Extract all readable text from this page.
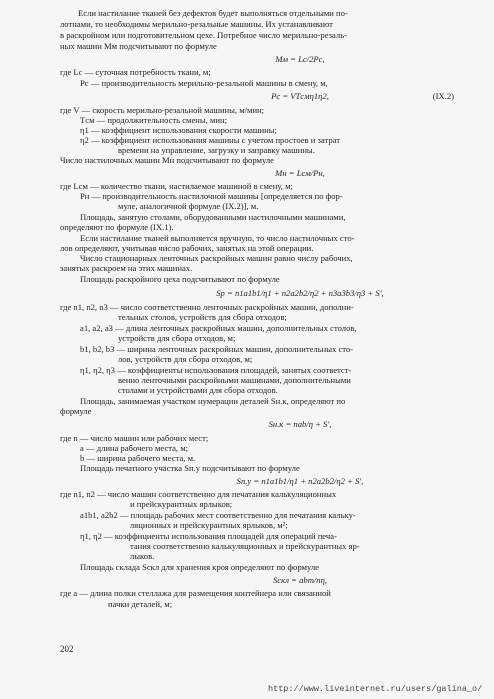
Если настилание тканей без дефектов будет выполняться отдельными по-
лотнами, то необходимы мерильно-резальные машины. Их устанавливают
в раскройном или подготовительном цехе. Потребное число мерильно-резаль-
ных машин Mм подсчитывают по формуле
Mм = Lс/2Pс,
где Lс — суточная потребность ткани, м;
Pс — производительность мерильно-резальной машины в смену, м,
Pс = VTсмη1η2,	(IX.2)
где V — скорость мерильно-резальной машины, м/мин;
Tсм — продолжительность смены, мин;
η1 — коэффициент использования скорости машины;
η2 — коэффициент использования машины с учетом простоев и затрат
времени на управление, загрузку и заправку машины.
Число настилочных машин Mн подсчитывают по формуле
Mн = Lсм/Pн,
где Lсм — количество ткани, настилаемое машиной в смену, м;
Pн — производительность настилочной машины [определяется по фор-
муле, аналогичной формуле (IX.2)], м.
Площадь, занятую столами, оборудованными настилочными машинами,
определяют по формуле (IX.1).
Если настилание тканей выполняется вручную, то число настилочных сто-
лов определяют, учитывая число рабочих, занятых на этой операции.
Число стационарных ленточных раскройных машин равно числу рабочих,
занятых раскроем на этих машинах.
Площадь раскройного цеха подсчитывают по формуле
Sр = n1a1b1/η1 + n2a2b2/η2 + n3a3b3/η3 + S′,
где n1, n2, n3 — число соответственно ленточных раскройных машин, дополни-
тельных столов, устройств для сбора отходов;
a1, a2, a3 — длина ленточных раскройных машин, дополнительных столов,
устройств для сбора отходов, м;
b1, b2, b3 — ширина ленточных раскройных машин, дополнительных сто-
лов, устройств для сбора отходов, м;
η1, η2, η3 — коэффициенты использования площадей, занятых соответст-
венно ленточными раскройными машинами, дополнительными
столами и устройствами для сбора отходов.
Площадь, занимаемая участком нумерации деталей Sн.к, определяют по
формуле
Sн.к = nab/η + S′,
где n — число машин или рабочих мест;
a — длина рабочего места, м;
b — ширина рабочего места, м.
Площадь печатного участка Sп.у подсчитывают по формуле
Sп.у = n1a1b1/η1 + n2a2b2/η2 + S′,
где n1, n2 — число машин соответственно для печатания калькуляционных
и прейскурантных ярлыков;
a1b1, a2b2 — площадь рабочих мест соответственно для печатания кальку-
ляционных и прейскурантных ярлыков, м²;
η1, η2 — коэффициенты использования площадей для операций печа-
тания соответственно калькуляционных и прейскурантных яр-
лыков.
Площадь склада Sскл для хранения кроя определяют по формуле
Sскл = abm/nη,
где a — длина полки стеллажа для размещения контейнера или связанной
пачки деталей, м;
202
http://www.liveinternet.ru/users/galina_o/
